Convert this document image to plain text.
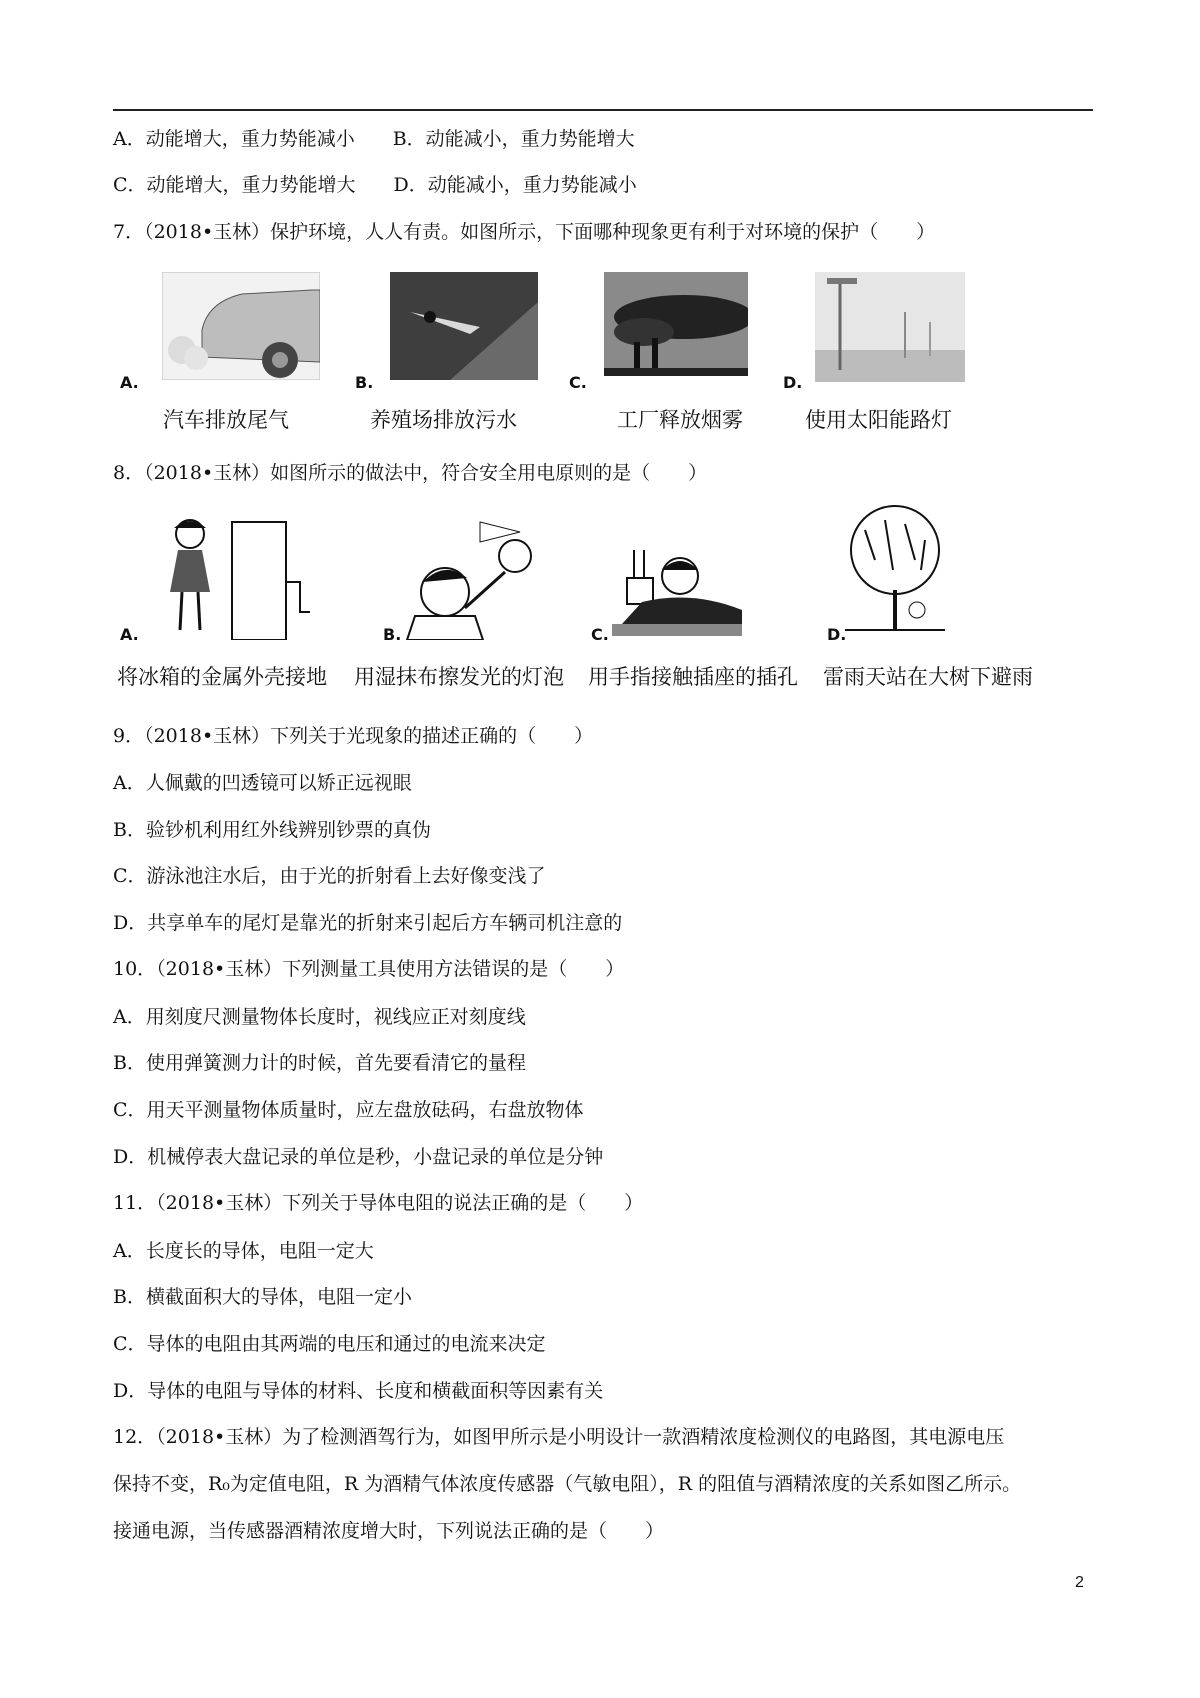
A．动能增大，重力势能减小　　B．动能减小，重力势能增大
C．动能增大，重力势能增大　　D．动能减小，重力势能减小
7．（2018•玉林）保护环境，人人有责。如图所示，下面哪种现象更有利于对环境的保护（　　）
A.	B.	C.	D.
汽车排放尾气	养殖场排放污水	工厂释放烟雾	使用太阳能路灯
8．（2018•玉林）如图所示的做法中，符合安全用电原则的是（　　）
A.	B.	C.	D.
将冰箱的金属外壳接地 用湿抹布擦发光的灯泡 用手指接触插座的插孔 雷雨天站在大树下避雨
9．（2018•玉林）下列关于光现象的描述正确的（　　）
A．人佩戴的凹透镜可以矫正远视眼
B．验钞机利用红外线辨别钞票的真伪
C．游泳池注水后，由于光的折射看上去好像变浅了
D．共享单车的尾灯是靠光的折射来引起后方车辆司机注意的
10．（2018•玉林）下列测量工具使用方法错误的是（　　）
A．用刻度尺测量物体长度时，视线应正对刻度线
B．使用弹簧测力计的时候，首先要看清它的量程
C．用天平测量物体质量时，应左盘放砝码，右盘放物体
D．机械停表大盘记录的单位是秒，小盘记录的单位是分钟
11．（2018•玉林）下列关于导体电阻的说法正确的是（　　）
A．长度长的导体，电阻一定大
B．横截面积大的导体，电阻一定小
C．导体的电阻由其两端的电压和通过的电流来决定
D．导体的电阻与导体的材料、长度和横截面积等因素有关
12．（2018•玉林）为了检测酒驾行为，如图甲所示是小明设计一款酒精浓度检测仪的电路图，其电源电压
保持不变，R₀为定值电阻，R 为酒精气体浓度传感器（气敏电阻），R 的阻值与酒精浓度的关系如图乙所示。
接通电源，当传感器酒精浓度增大时，下列说法正确的是（　　）
2
